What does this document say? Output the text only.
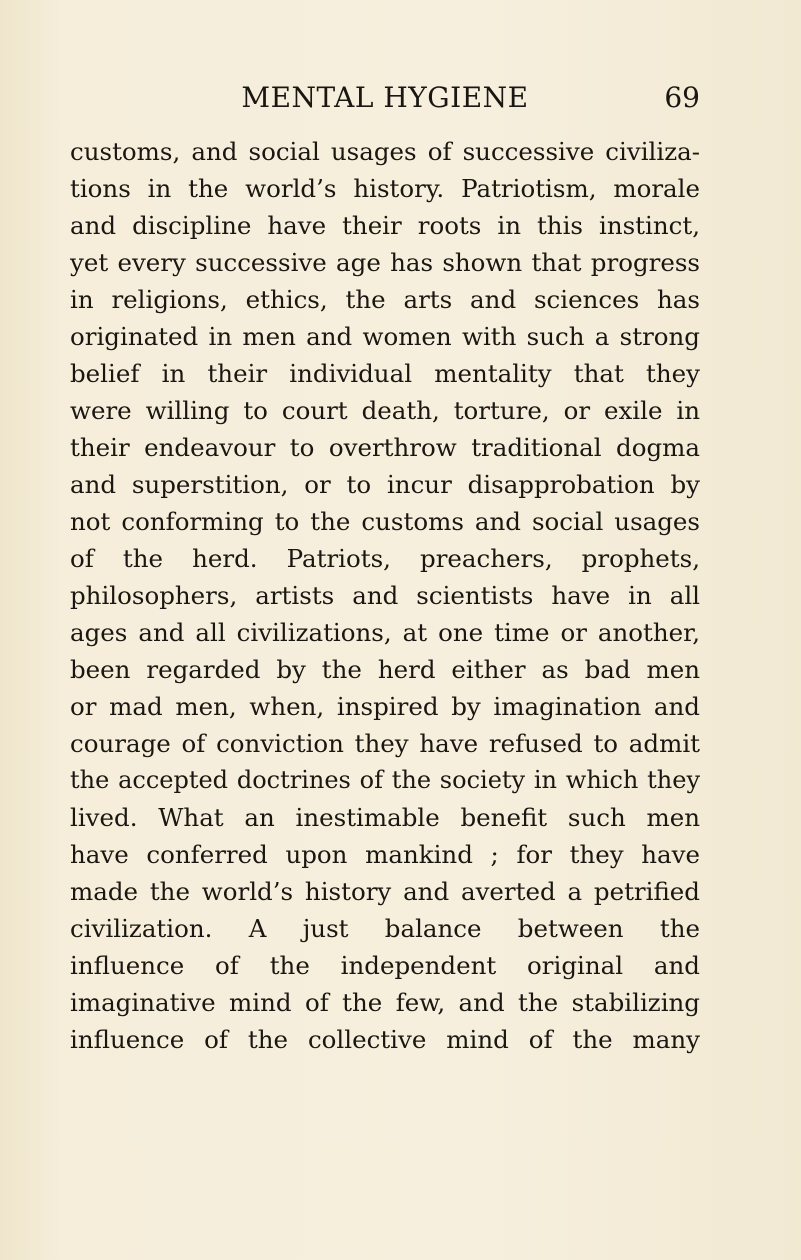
MENTAL HYGIENE	69
customs, and social usages of successive civiliza-
tions in the world’s history. Patriotism, morale
and discipline have their roots in this instinct,
yet every successive age has shown that progress
in religions, ethics, the arts and sciences has
originated in men and women with such a strong
belief in their individual mentality that they
were willing to court death, torture, or exile in
their endeavour to overthrow traditional dogma
and superstition, or to incur disapprobation by
not conforming to the customs and social usages
of the herd. Patriots, preachers, prophets,
philosophers, artists and scientists have in all
ages and all civilizations, at one time or another,
been regarded by the herd either as bad men
or mad men, when, inspired by imagination and
courage of conviction they have refused to admit
the accepted doctrines of the society in which they
lived. What an inestimable benefit such men
have conferred upon mankind ; for they have
made the world’s history and averted a petrified
civilization. A just balance between the
influence of the independent original and
imaginative mind of the few, and the stabilizing
influence of the collective mind of the many
